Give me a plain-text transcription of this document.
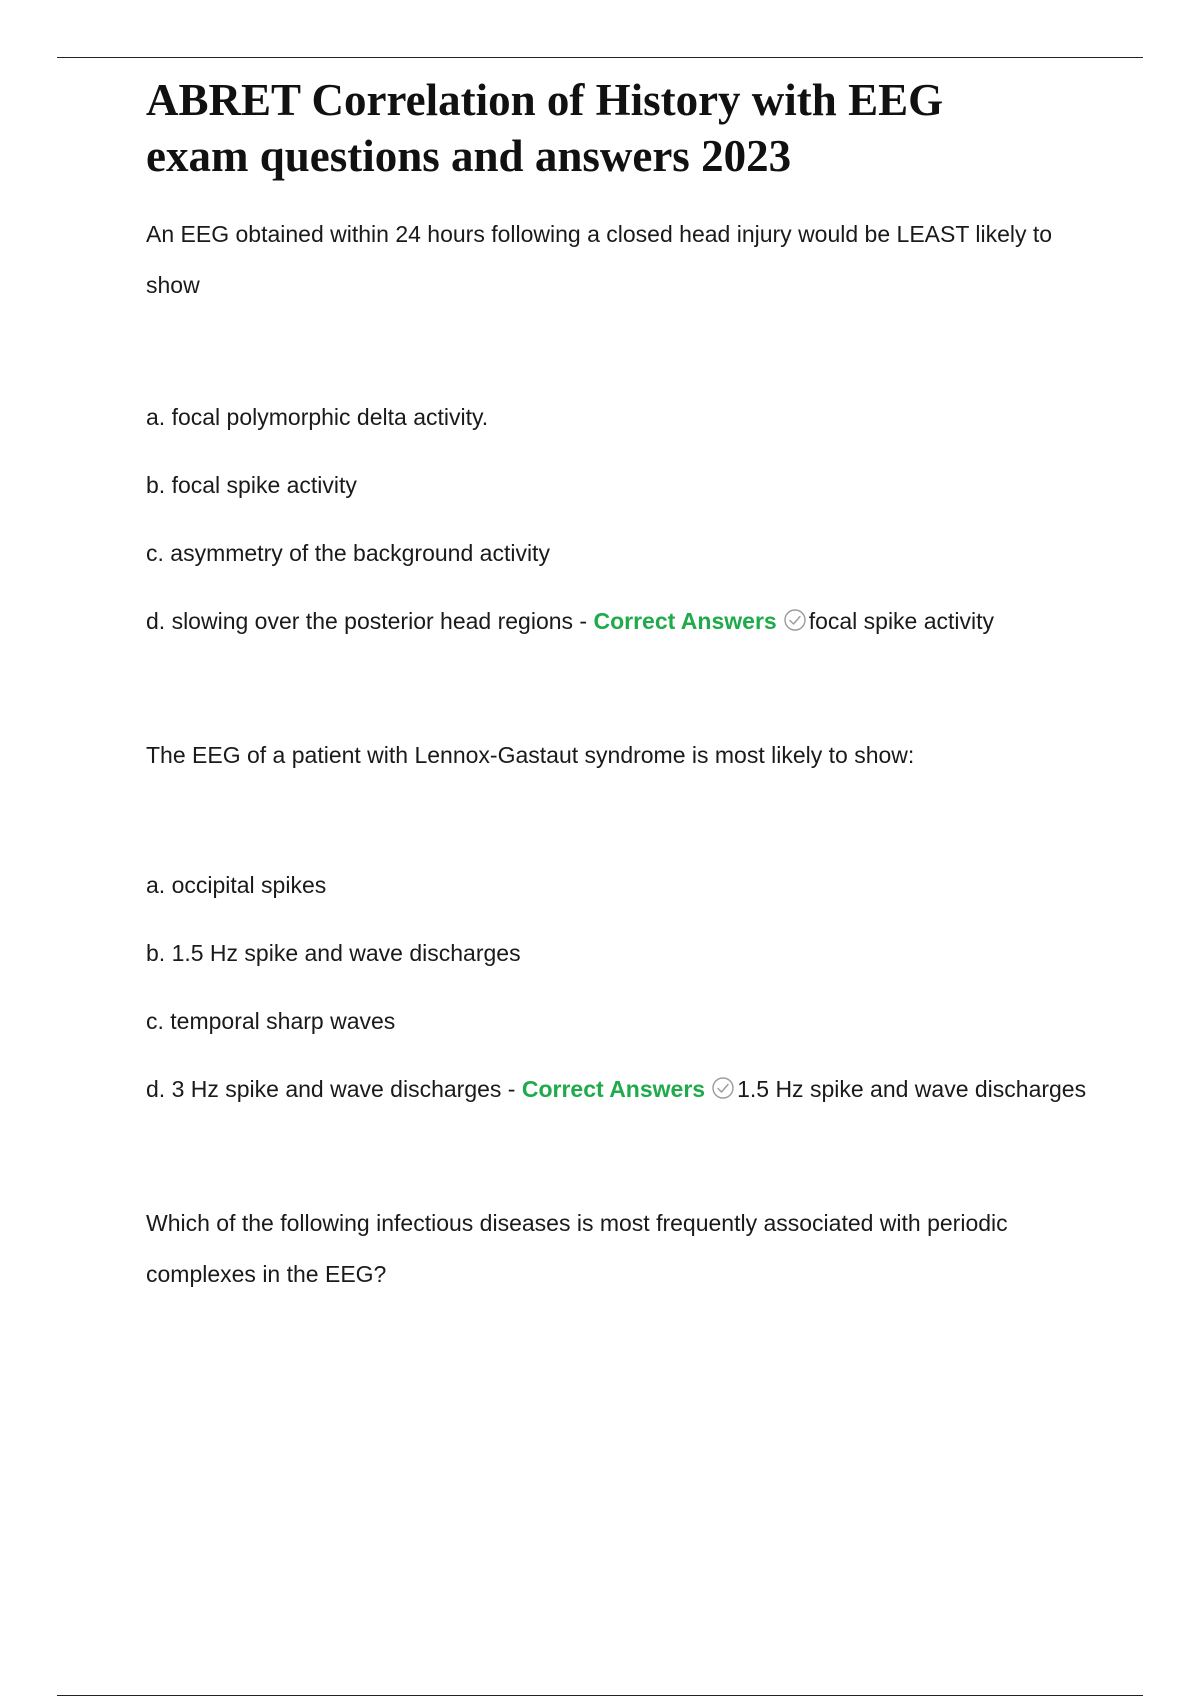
ABRET Correlation of History with EEG
exam questions and answers 2023

An EEG obtained within 24 hours following a closed head injury would be LEAST likely to show

a. focal polymorphic delta activity.

b. focal spike activity

c. asymmetry of the background activity

d. slowing over the posterior head regions - Correct Answers focal spike activity

The EEG of a patient with Lennox-Gastaut syndrome is most likely to show:

a. occipital spikes

b. 1.5 Hz spike and wave discharges

c. temporal sharp waves

d. 3 Hz spike and wave discharges - Correct Answers 1.5 Hz spike and wave discharges

Which of the following infectious diseases is most frequently associated with periodic complexes in the EEG?
